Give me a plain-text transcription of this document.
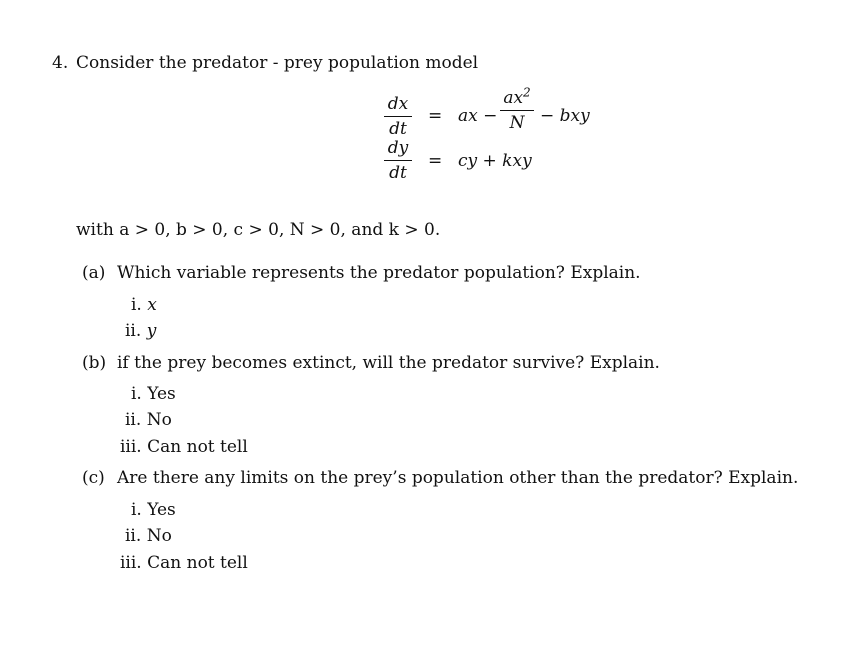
4. Consider the predator - prey population model
dx
dt
= ax −
$ax^2$
N − bxy
dy
dt
= cy + kxy
with a > 0, b > 0, c > 0, N > 0, and k > 0.
(a) Which variable represents the predator population? Explain.
i. x
ii. y
(b) if the prey becomes extinct, will the predator survive? Explain.
i. Yes
ii. No
iii. Can not tell
(c) Are there any limits on the prey’s population other than the predator? Explain.
i. Yes
ii. No
iii. Can not tell
